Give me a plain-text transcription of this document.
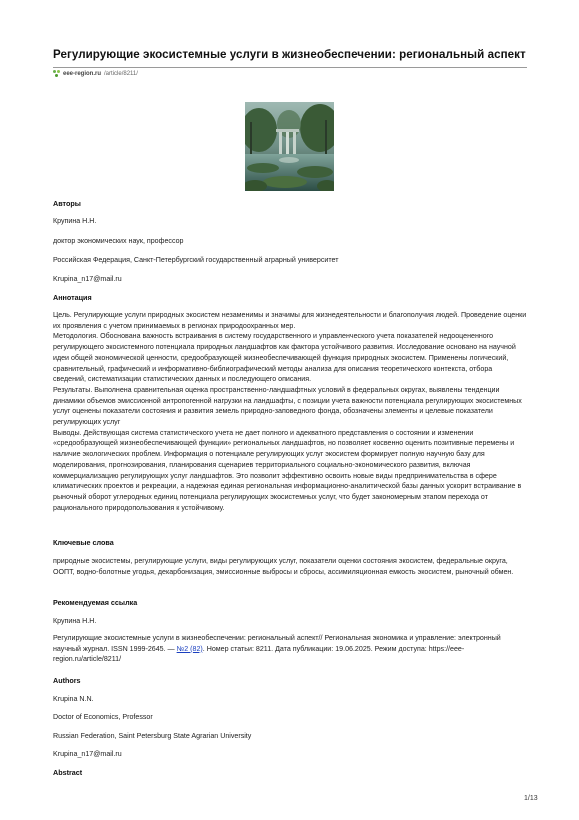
Регулирующие экосистемные услуги в жизнеобеспечении: региональный аспект
eee-region.ru /article/8211/
Авторы
Крупина Н.Н.
доктор экономических наук, профессор
Российская Федерация, Санкт-Петербургский государственный аграрный университет
Krupina_n17@mail.ru
Аннотация

Цель. Регулирующие услуги природных экосистем незаменимы и значимы для жизнедеятельности и благополучия людей. Проведение оценки их проявления с учетом принимаемых в регионах природоохранных мер.

Методология. Обоснована важность встраивания в систему государственного и управленческого учета показателей недооцененного регулирующего экосистемного потенциала природных ландшафтов как фактора устойчивого развития. Исследование основано на научной идеи общей экономической ценности, средообразующей жизнеобеспечивающей функция природных экосистем. Применены логический, сравнительный, графический и информативно-библиографический методы анализа для описания теоретического контекста, отбора сведений, систематизации статистических данных и последующего описания.

Результаты. Выполнена сравнительная оценка пространственно-ландшафтных условий в федеральных округах, выявлены тенденции динамики объемов эмиссионной антропогенной нагрузки на ландшафты, с позиции учета важности потенциала регулирующих экосистемных услуг оценены показатели состояния и развития земель природно-заповедного фонда, обозначены элементы и целевые показатели регулирующих услуг

Выводы. Действующая система статистического учета не дает полного и адекватного представления о состоянии и изменении «средообразующей жизнеобеспечивающей функции» региональных ландшафтов, но позволяет косвенно оценить позитивные перемены и наличие экологических проблем. Информация о потенциале регулирующих услуг экосистем формирует полную научную базу для моделирования, прогнозирования, планирования сценариев территориального социально-экономического развития, включая коммерциализацию регулирующих услуг ландшафтов. Это позволит эффективно освоить новые виды предпринимательства в сфере климатических проектов и рекреации, а надежная единая региональная информационно-аналитической базы данных ускорит встраивание в рыночный оборот углеродных единиц потенциала регулирующих экосистемных услуг, что будет закономерным этапом перехода от рационального природопользования к устойчивому.

Ключевые слова
природные экосистемы, регулирующие услуги, виды регулирующих услуг, показатели оценки состояния экосистем, федеральные округа, ООПТ, водно-болотные угодья, декарбонизация, эмиссионные выбросы и сбросы, ассимиляционная емкость экосистем, рыночный обмен.
Рекомендуемая ссылка
Крупина Н.Н.
Регулирующие экосистемные услуги в жизнеобеспечении: региональный аспект// Региональная экономика и управление: электронный научный журнал. ISSN 1999-2645. — №2 (82). Номер статьи: 8211. Дата публикации: 19.06.2025. Режим доступа: https://eee-region.ru/article/8211/
Authors
Krupina N.N.
Doctor of Economics, Professor
Russian Federation, Saint Petersburg State Agrarian University
Krupina_n17@mail.ru
Abstract
1/13
